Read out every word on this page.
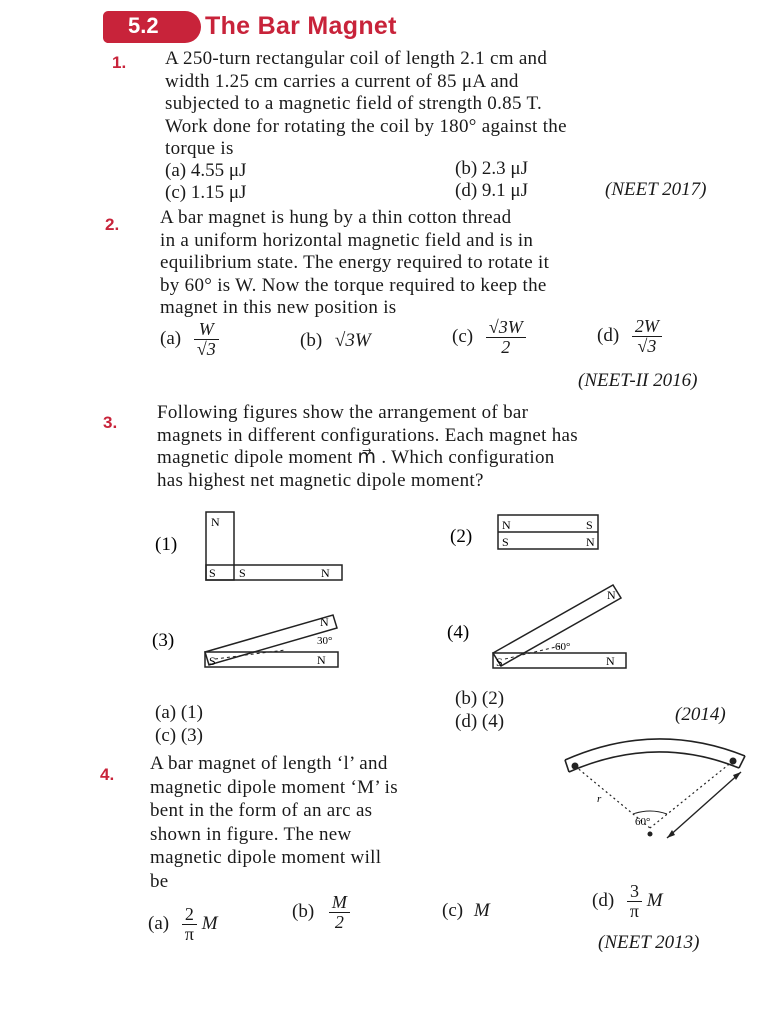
5.2 The Bar Magnet
1. A 250-turn rectangular coil of length 2.1 cm and
width 1.25 cm carries a current of 85 μA and
subjected to a magnetic field of strength 0.85 T.
Work done for rotating the coil by 180° against the
torque is
(a) 4.55 μJ	(b) 2.3 μJ
(c) 1.15 μJ	(d) 9.1 μJ	(NEET 2017)
2. A bar magnet is hung by a thin cotton thread
in a uniform horizontal magnetic field and is in
equilibrium state. The energy required to rotate it
by 60° is W. Now the torque required to keep the
magnet in this new position is
$(a) \frac{W}{√3}$	(b) √3W	$(c) \frac{√3W}{2}$	$(d) \frac{2W}{√3}$
(NEET-II 2016)
3. Following figures show the arrangement of bar
magnets in different configurations. Each magnet has
magnetic dipole moment m⃗ . Which configuration
has highest net magnetic dipole moment?
(1)
N
S S	N
(2)
N	S
S	N
(3)
S
N
N
30°	(4)
S
N
N
60°
(a) (1)
(b) (2)
(c) (3)
(d) (4)	(2014)
4.
A bar magnet of length ‘l’ and
magnetic dipole moment ‘M’ is
bent in the form of an arc as
shown in figure. The new
magnetic dipole moment will
be
60°
r
$(a) \frac{2}{\pi}$ M
$(b) \frac{M}{2}$	(c) M	$(d) \frac{3}{\pi}$ M
(NEET 2013)
